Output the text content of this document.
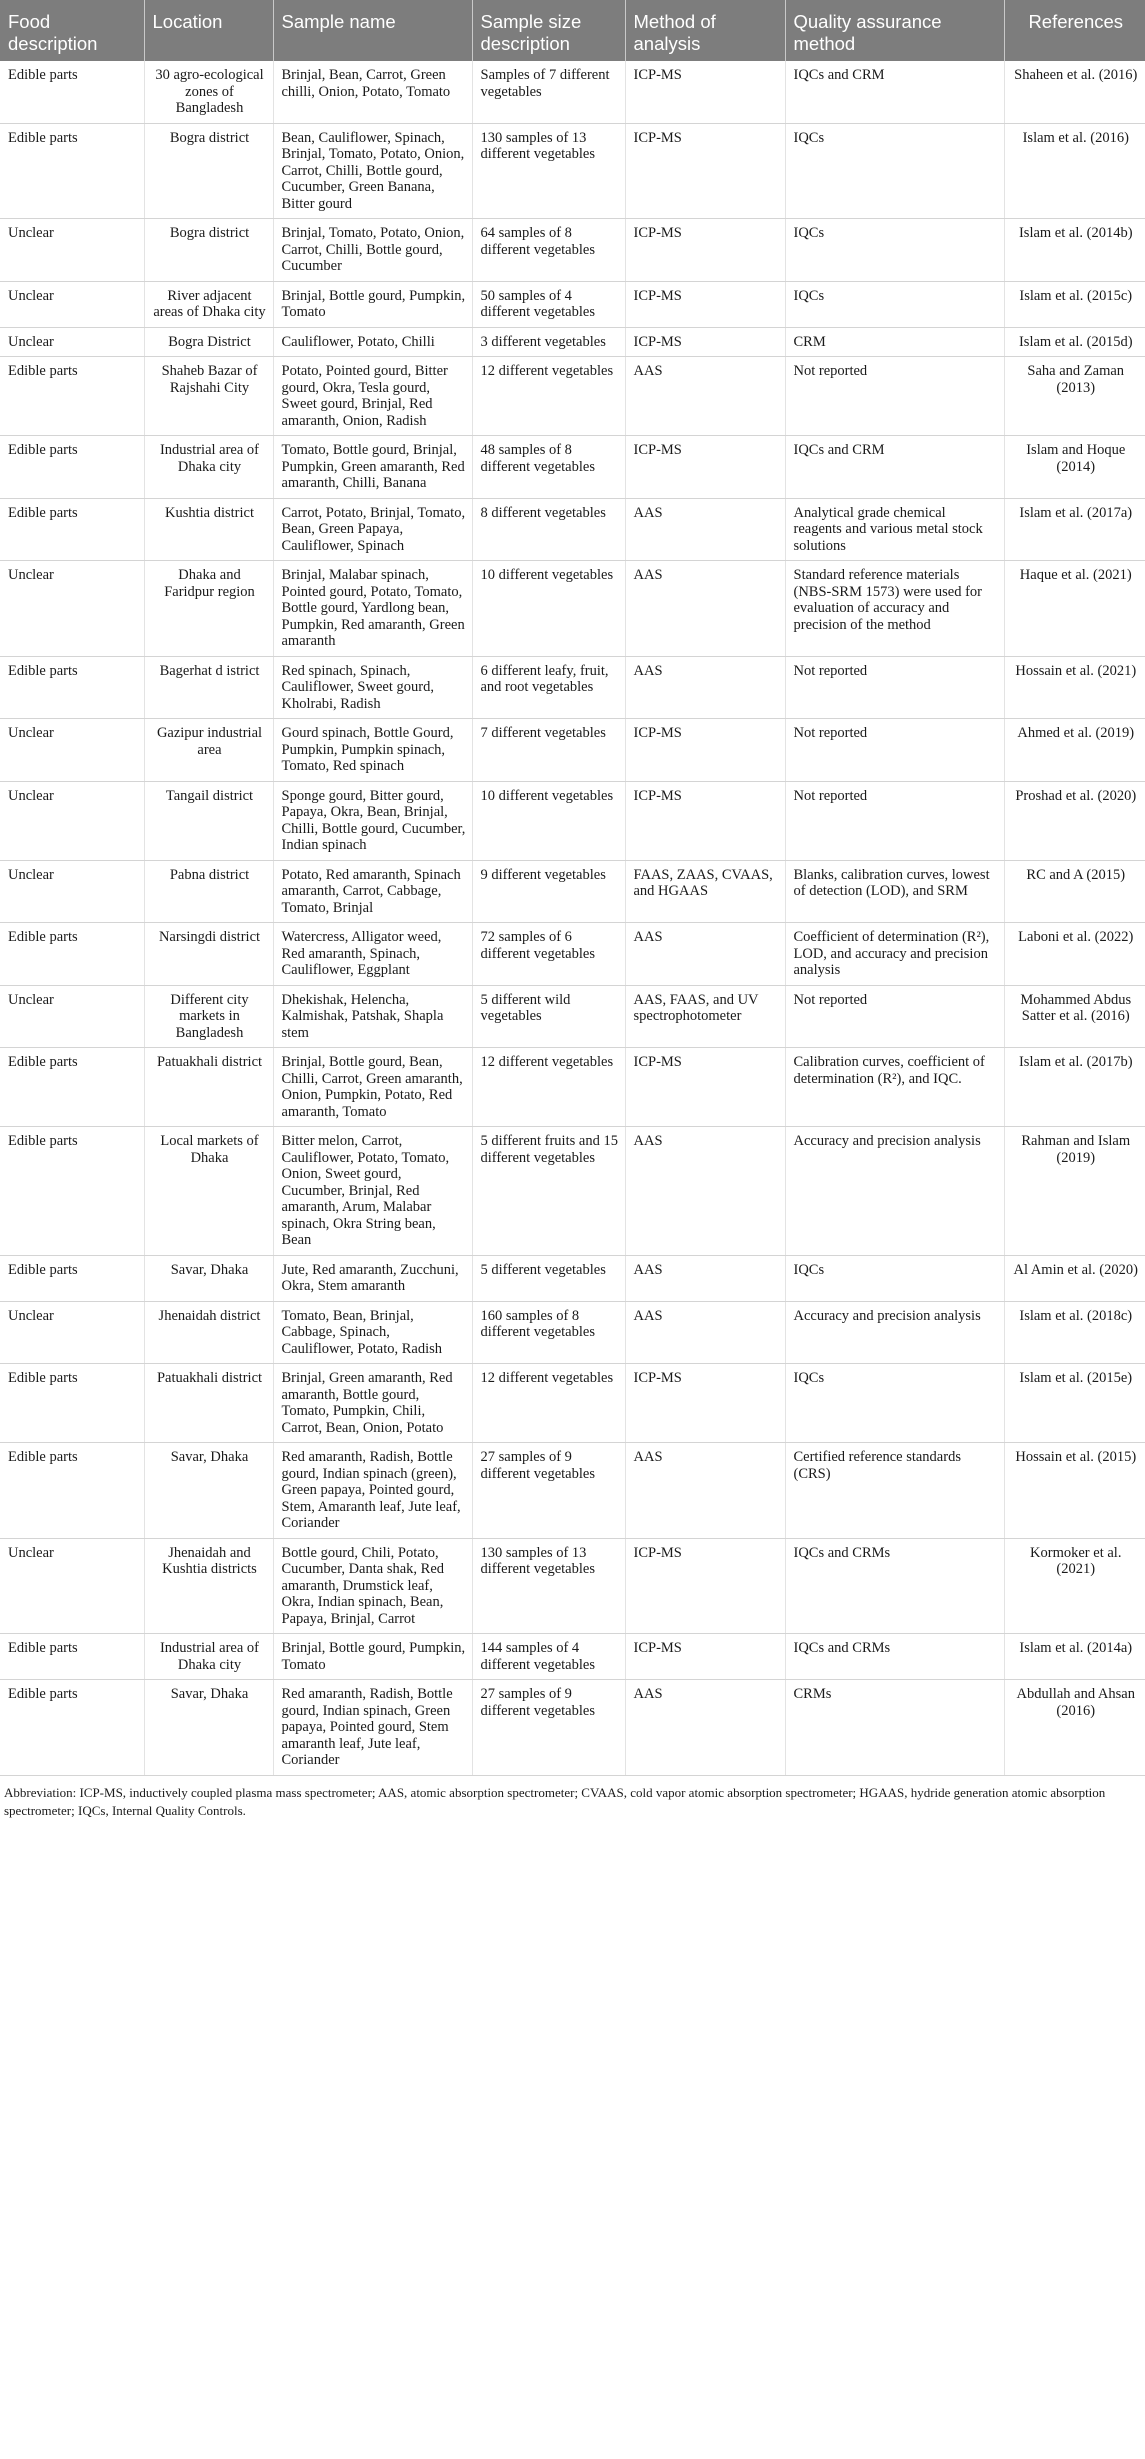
Food description	Location	Sample name	Sample size description	Method of analysis	Quality assurance method	References
Edible parts	30 agro-ecological zones of Bangladesh	Brinjal, Bean, Carrot, Green chilli, Onion, Potato, Tomato	Samples of 7 different vegetables	ICP-MS	IQCs and CRM	Shaheen et al. (2016)
Edible parts	Bogra district	Bean, Cauliflower, Spinach, Brinjal, Tomato, Potato, Onion, Carrot, Chilli, Bottle gourd, Cucumber, Green Banana, Bitter gourd	130 samples of 13 different vegetables	ICP-MS	IQCs	Islam et al. (2016)
Unclear	Bogra district	Brinjal, Tomato, Potato, Onion, Carrot, Chilli, Bottle gourd, Cucumber	64 samples of 8 different vegetables	ICP-MS	IQCs	Islam et al. (2014b)
Unclear	River adjacent areas of Dhaka city	Brinjal, Bottle gourd, Pumpkin, Tomato	50 samples of 4 different vegetables	ICP-MS	IQCs	Islam et al. (2015c)
Unclear	Bogra District	Cauliflower, Potato, Chilli	3 different vegetables	ICP-MS	CRM	Islam et al. (2015d)
Edible parts	Shaheb Bazar of Rajshahi City	Potato, Pointed gourd, Bitter gourd, Okra, Tesla gourd, Sweet gourd, Brinjal, Red amaranth, Onion, Radish	12 different vegetables	AAS	Not reported	Saha and Zaman (2013)
Edible parts	Industrial area of Dhaka city	Tomato, Bottle gourd, Brinjal, Pumpkin, Green amaranth, Red amaranth, Chilli, Banana	48 samples of 8 different vegetables	ICP-MS	IQCs and CRM	Islam and Hoque (2014)
Edible parts	Kushtia district	Carrot, Potato, Brinjal, Tomato, Bean, Green Papaya, Cauliflower, Spinach	8 different vegetables	AAS	Analytical grade chemical reagents and various metal stock solutions	Islam et al. (2017a)
Unclear	Dhaka and Faridpur region	Brinjal, Malabar spinach, Pointed gourd, Potato, Tomato, Bottle gourd, Yardlong bean, Pumpkin, Red amaranth, Green amaranth	10 different vegetables	AAS	Standard reference materials (NBS-SRM 1573) were used for evaluation of accuracy and precision of the method	Haque et al. (2021)
Edible parts	Bagerhat d istrict	Red spinach, Spinach, Cauliflower, Sweet gourd, Kholrabi, Radish	6 different leafy, fruit, and root vegetables	AAS	Not reported	Hossain et al. (2021)
Unclear	Gazipur industrial area	Gourd spinach, Bottle Gourd, Pumpkin, Pumpkin spinach, Tomato, Red spinach	7 different vegetables	ICP-MS	Not reported	Ahmed et al. (2019)
Unclear	Tangail district	Sponge gourd, Bitter gourd, Papaya, Okra, Bean, Brinjal, Chilli, Bottle gourd, Cucumber, Indian spinach	10 different vegetables	ICP-MS	Not reported	Proshad et al. (2020)
Unclear	Pabna district	Potato, Red amaranth, Spinach amaranth, Carrot, Cabbage, Tomato, Brinjal	9 different vegetables	FAAS, ZAAS, CVAAS, and HGAAS	Blanks, calibration curves, lowest of detection (LOD), and SRM	RC and A (2015)
Edible parts	Narsingdi district	Watercress, Alligator weed, Red amaranth, Spinach, Cauliflower, Eggplant	72 samples of 6 different vegetables	AAS	Coefficient of determination (R²), LOD, and accuracy and precision analysis	Laboni et al. (2022)
Unclear	Different city markets in Bangladesh	Dhekishak, Helencha, Kalmishak, Patshak, Shapla stem	5 different wild vegetables	AAS, FAAS, and UV spectrophotometer	Not reported	Mohammed Abdus Satter et al. (2016)
Edible parts	Patuakhali district	Brinjal, Bottle gourd, Bean, Chilli, Carrot, Green amaranth, Onion, Pumpkin, Potato, Red amaranth, Tomato	12 different vegetables	ICP-MS	Calibration curves, coefficient of determination (R²), and IQC.	Islam et al. (2017b)
Edible parts	Local markets of Dhaka	Bitter melon, Carrot, Cauliflower, Potato, Tomato, Onion, Sweet gourd, Cucumber, Brinjal, Red amaranth, Arum, Malabar spinach, Okra String bean, Bean	5 different fruits and 15 different vegetables	AAS	Accuracy and precision analysis	Rahman and Islam (2019)
Edible parts	Savar, Dhaka	Jute, Red amaranth, Zucchuni, Okra, Stem amaranth	5 different vegetables	AAS	IQCs	Al Amin et al. (2020)
Unclear	Jhenaidah district	Tomato, Bean, Brinjal, Cabbage, Spinach, Cauliflower, Potato, Radish	160 samples of 8 different vegetables	AAS	Accuracy and precision analysis	Islam et al. (2018c)
Edible parts	Patuakhali district	Brinjal, Green amaranth, Red amaranth, Bottle gourd, Tomato, Pumpkin, Chili, Carrot, Bean, Onion, Potato	12 different vegetables	ICP-MS	IQCs	Islam et al. (2015e)
Edible parts	Savar, Dhaka	Red amaranth, Radish, Bottle gourd, Indian spinach (green), Green papaya, Pointed gourd, Stem, Amaranth leaf, Jute leaf, Coriander	27 samples of 9 different vegetables	AAS	Certified reference standards (CRS)	Hossain et al. (2015)
Unclear	Jhenaidah and Kushtia districts	Bottle gourd, Chili, Potato, Cucumber, Danta shak, Red amaranth, Drumstick leaf, Okra, Indian spinach, Bean, Papaya, Brinjal, Carrot	130 samples of 13 different vegetables	ICP-MS	IQCs and CRMs	Kormoker et al. (2021)
Edible parts	Industrial area of Dhaka city	Brinjal, Bottle gourd, Pumpkin, Tomato	144 samples of 4 different vegetables	ICP-MS	IQCs and CRMs	Islam et al. (2014a)
Edible parts	Savar, Dhaka	Red amaranth, Radish, Bottle gourd, Indian spinach, Green papaya, Pointed gourd, Stem amaranth leaf, Jute leaf, Coriander	27 samples of 9 different vegetables	AAS	CRMs	Abdullah and Ahsan (2016)
Abbreviation: ICP-MS, inductively coupled plasma mass spectrometer; AAS, atomic absorption spectrometer; CVAAS, cold vapor atomic absorption spectrometer; HGAAS, hydride generation atomic absorption spectrometer; IQCs, Internal Quality Controls.
